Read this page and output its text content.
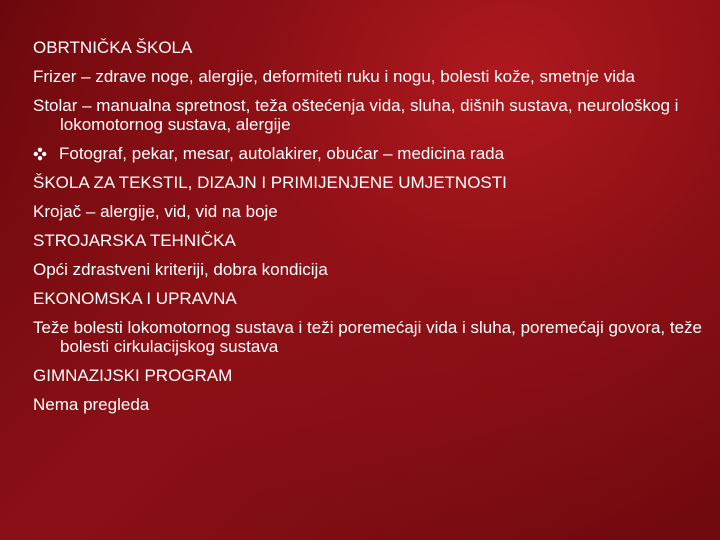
OBRTNIČKA ŠKOLA

Frizer – zdrave noge, alergije, deformiteti ruku i nogu, bolesti kože, smetnje vida

Stolar – manualna spretnost, teža oštećenja vida, sluha, dišnih sustava, neurološkog i lokomotornog sustava, alergije

Fotograf, pekar, mesar, autolakirer, obućar – medicina rada

ŠKOLA ZA TEKSTIL, DIZAJN I PRIMIJENJENE UMJETNOSTI

Krojač – alergije, vid, vid na boje

STROJARSKA TEHNIČKA

Opći zdrastveni kriteriji, dobra kondicija

EKONOMSKA I UPRAVNA

Teže bolesti lokomotornog sustava i teži poremećaji vida i sluha, poremećaji govora, teže bolesti cirkulacijskog sustava

GIMNAZIJSKI PROGRAM

Nema pregleda
